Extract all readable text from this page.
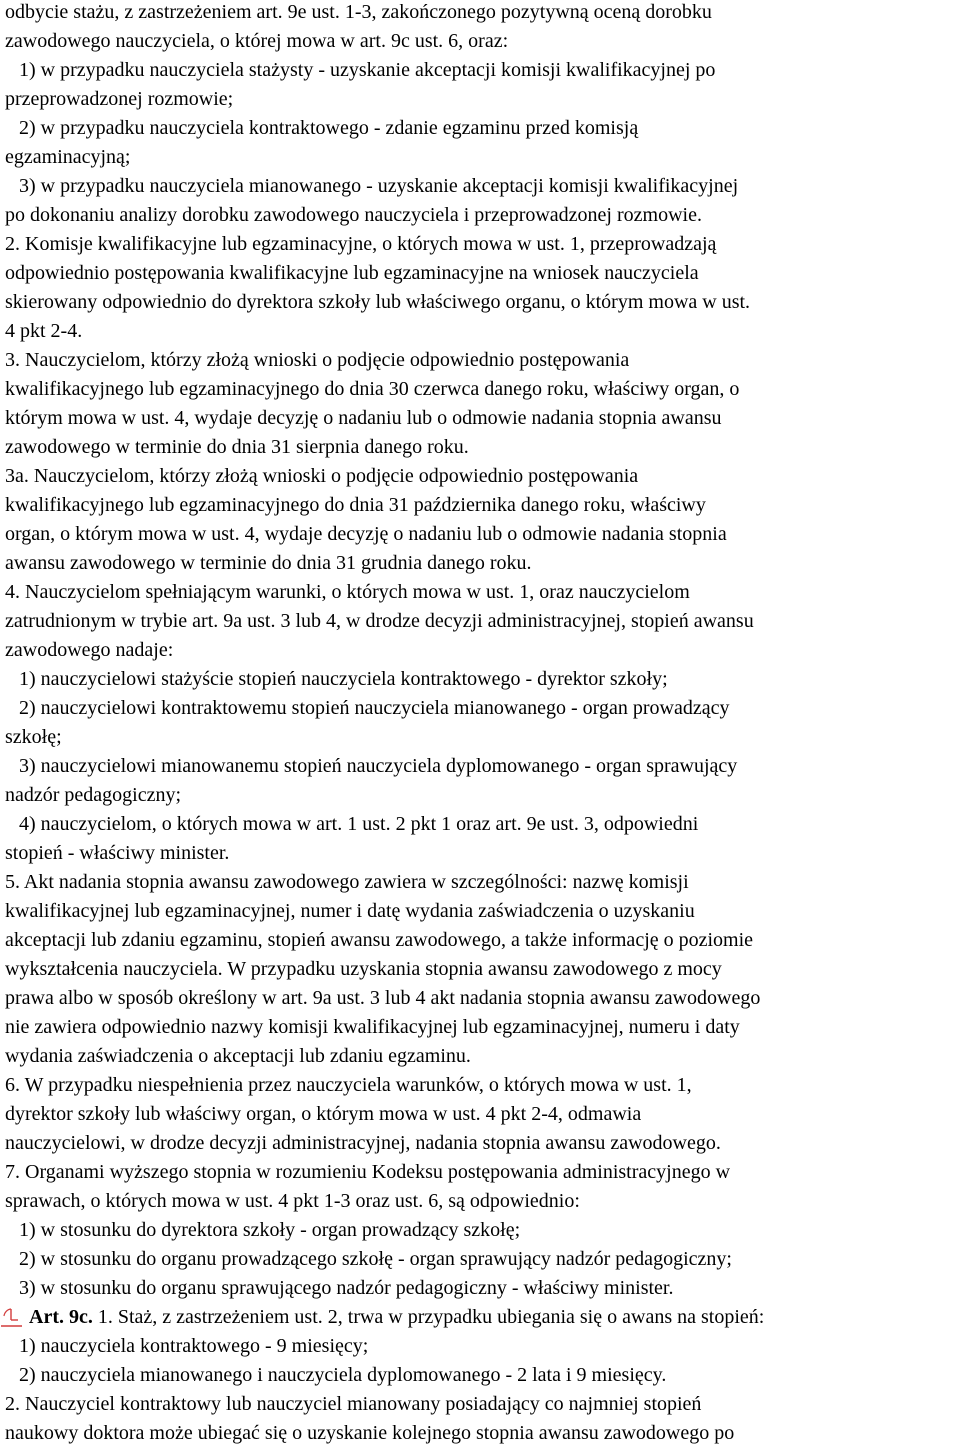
odbycie stażu, z zastrzeżeniem art. 9e ust. 1-3, zakończonego pozytywną oceną dorobku
zawodowego nauczyciela, o której mowa w art. 9c ust. 6, oraz:
1) w przypadku nauczyciela stażysty - uzyskanie akceptacji komisji kwalifikacyjnej po
przeprowadzonej rozmowie;
2) w przypadku nauczyciela kontraktowego - zdanie egzaminu przed komisją
egzaminacyjną;
3) w przypadku nauczyciela mianowanego - uzyskanie akceptacji komisji kwalifikacyjnej
po dokonaniu analizy dorobku zawodowego nauczyciela i przeprowadzonej rozmowie.
2. Komisje kwalifikacyjne lub egzaminacyjne, o których mowa w ust. 1, przeprowadzają
odpowiednio postępowania kwalifikacyjne lub egzaminacyjne na wniosek nauczyciela
skierowany odpowiednio do dyrektora szkoły lub właściwego organu, o którym mowa w ust.
4 pkt 2-4.
3. Nauczycielom, którzy złożą wnioski o podjęcie odpowiednio postępowania
kwalifikacyjnego lub egzaminacyjnego do dnia 30 czerwca danego roku, właściwy organ, o
którym mowa w ust. 4, wydaje decyzję o nadaniu lub o odmowie nadania stopnia awansu
zawodowego w terminie do dnia 31 sierpnia danego roku.
3a. Nauczycielom, którzy złożą wnioski o podjęcie odpowiednio postępowania
kwalifikacyjnego lub egzaminacyjnego do dnia 31 października danego roku, właściwy
organ, o którym mowa w ust. 4, wydaje decyzję o nadaniu lub o odmowie nadania stopnia
awansu zawodowego w terminie do dnia 31 grudnia danego roku.
4. Nauczycielom spełniającym warunki, o których mowa w ust. 1, oraz nauczycielom
zatrudnionym w trybie art. 9a ust. 3 lub 4, w drodze decyzji administracyjnej, stopień awansu
zawodowego nadaje:
1) nauczycielowi stażyście stopień nauczyciela kontraktowego - dyrektor szkoły;
2) nauczycielowi kontraktowemu stopień nauczyciela mianowanego - organ prowadzący
szkołę;
3) nauczycielowi mianowanemu stopień nauczyciela dyplomowanego - organ sprawujący
nadzór pedagogiczny;
4) nauczycielom, o których mowa w art. 1 ust. 2 pkt 1 oraz art. 9e ust. 3, odpowiedni
stopień - właściwy minister.
5. Akt nadania stopnia awansu zawodowego zawiera w szczególności: nazwę komisji
kwalifikacyjnej lub egzaminacyjnej, numer i datę wydania zaświadczenia o uzyskaniu
akceptacji lub zdaniu egzaminu, stopień awansu zawodowego, a także informację o poziomie
wykształcenia nauczyciela. W przypadku uzyskania stopnia awansu zawodowego z mocy
prawa albo w sposób określony w art. 9a ust. 3 lub 4 akt nadania stopnia awansu zawodowego
nie zawiera odpowiednio nazwy komisji kwalifikacyjnej lub egzaminacyjnej, numeru i daty
wydania zaświadczenia o akceptacji lub zdaniu egzaminu.
6. W przypadku niespełnienia przez nauczyciela warunków, o których mowa w ust. 1,
dyrektor szkoły lub właściwy organ, o którym mowa w ust. 4 pkt 2-4, odmawia
nauczycielowi, w drodze decyzji administracyjnej, nadania stopnia awansu zawodowego.
7. Organami wyższego stopnia w rozumieniu Kodeksu postępowania administracyjnego w
sprawach, o których mowa w ust. 4 pkt 1-3 oraz ust. 6, są odpowiednio:
1) w stosunku do dyrektora szkoły - organ prowadzący szkołę;
2) w stosunku do organu prowadzącego szkołę - organ sprawujący nadzór pedagogiczny;
3) w stosunku do organu sprawującego nadzór pedagogiczny - właściwy minister.
Art. 9c. 1. Staż, z zastrzeżeniem ust. 2, trwa w przypadku ubiegania się o awans na stopień:
1) nauczyciela kontraktowego - 9 miesięcy;
2) nauczyciela mianowanego i nauczyciela dyplomowanego - 2 lata i 9 miesięcy.
2. Nauczyciel kontraktowy lub nauczyciel mianowany posiadający co najmniej stopień
naukowy doktora może ubiegać się o uzyskanie kolejnego stopnia awansu zawodowego po
